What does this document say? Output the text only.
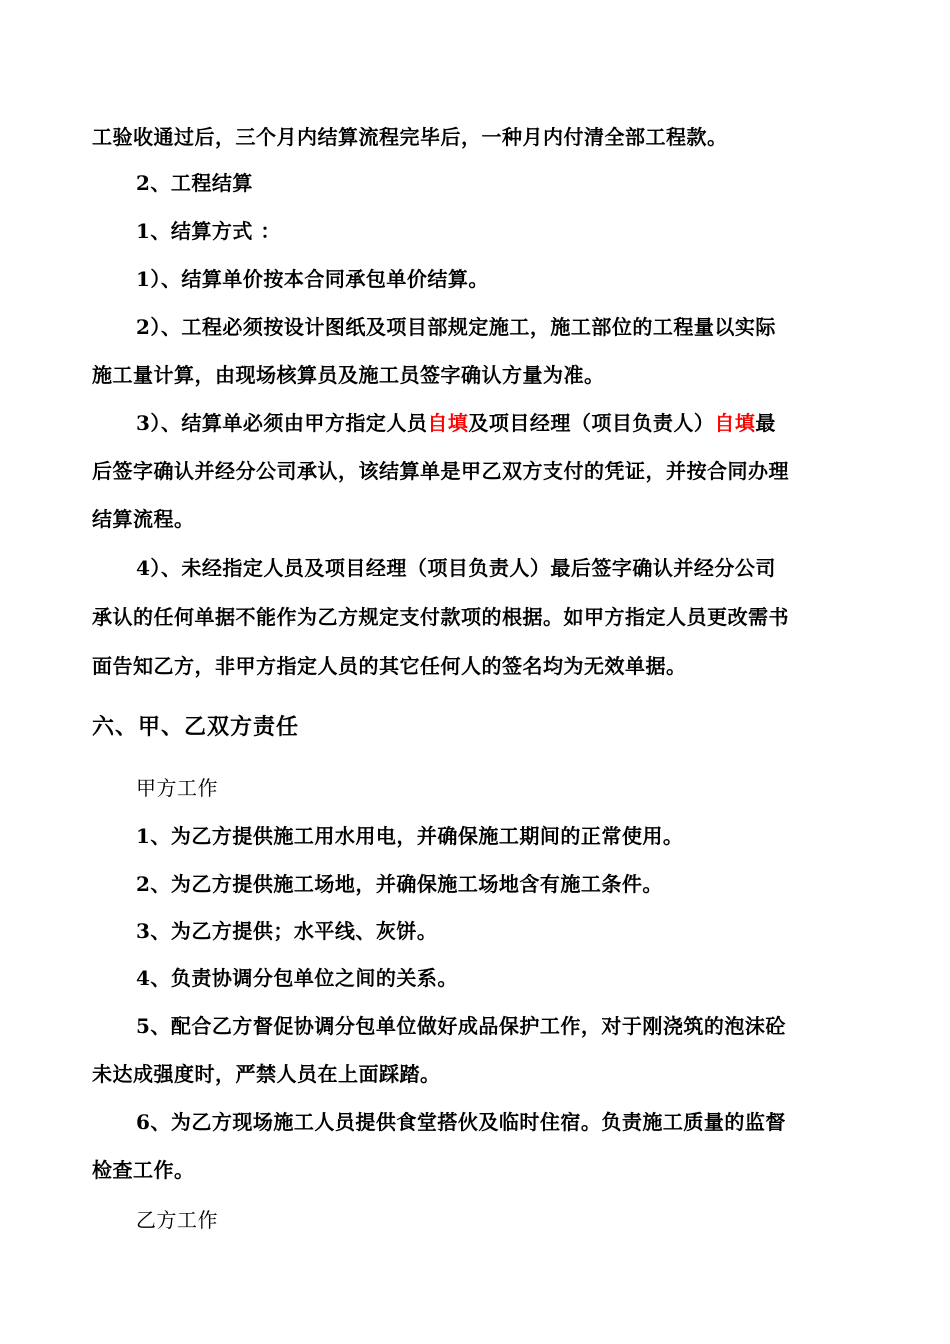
工验收通过后，三个月内结算流程完毕后，一种月内付清全部工程款。
2、工程结算
1、结算方式 ：
1）、结算单价按本合同承包单价结算。
2）、工程必须按设计图纸及项目部规定施工，施工部位的工程量以实际
施工量计算，由现场核算员及施工员签字确认方量为准。
3）、结算单必须由甲方指定人员自填及项目经理（项目负责人）自填最
后签字确认并经分公司承认，该结算单是甲乙双方支付的凭证，并按合同办理
结算流程。
4）、未经指定人员及项目经理（项目负责人）最后签字确认并经分公司
承认的任何单据不能作为乙方规定支付款项的根据。如甲方指定人员更改需书
面告知乙方，非甲方指定人员的其它任何人的签名均为无效单据。
六、甲、乙双方责任
甲方工作
1、为乙方提供施工用水用电，并确保施工期间的正常使用。
2、为乙方提供施工场地，并确保施工场地含有施工条件。
3、为乙方提供；水平线、灰饼。
4、负责协调分包单位之间的关系。
5、配合乙方督促协调分包单位做好成品保护工作，对于刚浇筑的泡沫砼
未达成强度时，严禁人员在上面踩踏。
6、为乙方现场施工人员提供食堂搭伙及临时住宿。负责施工质量的监督
检查工作。
乙方工作
